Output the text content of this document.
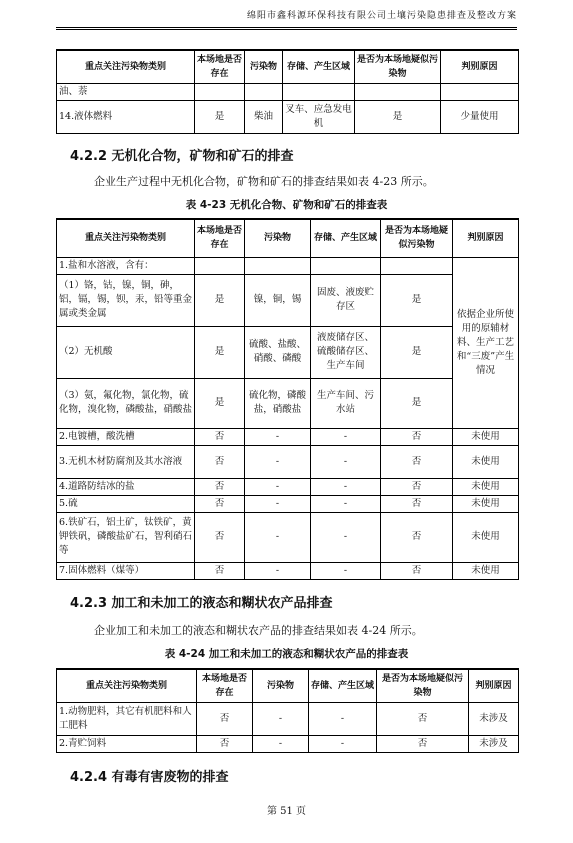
绵阳市鑫科源环保科技有限公司土壤污染隐患排查及整改方案
重点关注污染物类别	本场地是否存在	污染物	存储、产生区域	是否为本场地疑似污染物	判别原因
油、萘					
14.液体燃料	是	柴油	叉车、应急发电机	是	少量使用
4.2.2 无机化合物，矿物和矿石的排查
企业生产过程中无机化合物，矿物和矿石的排查结果如表 4-23 所示。
表 4-23 无机化合物、矿物和矿石的排查表
重点关注污染物类别	本场地是否存在	污染物	存储、产生区域	是否为本场地疑似污染物	判别原因
1.盐和水溶液，含有：					依据企业所使用的原辅材料、生产工艺和“三废”产生情况
（1）铬，钴，镍，铜，砷，铝，镉，锡，钡，汞，铅等重金属或类金属	是	镍，铜，锡	固废、液废贮存区	是	
（2）无机酸	是	硫酸、盐酸、硝酸、磷酸	液废储存区、硫酸储存区、生产车间	是	
（3）氨，氟化物，氯化物，硫化物，溴化物，磷酸盐，硝酸盐	是	硫化物，磷酸盐，硝酸盐	生产车间、污水站	是	
2.电镀槽，酸洗槽	否	-	-	否	未使用
3.无机木材防腐剂及其水溶液	否	-	-	否	未使用
4.道路防结冰的盐	否	-	-	否	未使用
5.硫	否	-	-	否	未使用
6.铁矿石，铝土矿，钛铁矿，黄钾铁矾，磷酸盐矿石，智利硝石等	否	-	-	否	未使用
7.固体燃料（煤等）	否	-	-	否	未使用
4.2.3 加工和未加工的液态和糊状农产品排查
企业加工和未加工的液态和糊状农产品的排查结果如表 4-24 所示。
表 4-24 加工和未加工的液态和糊状农产品的排查表
重点关注污染物类别	本场地是否存在	污染物	存储、产生区域	是否为本场地疑似污染物	判别原因
1.动物肥料，其它有机肥料和人工肥料	否	-	-	否	未涉及
2.青贮饲料	否	-	-	否	未涉及
4.2.4 有毒有害废物的排查
第 51 页
